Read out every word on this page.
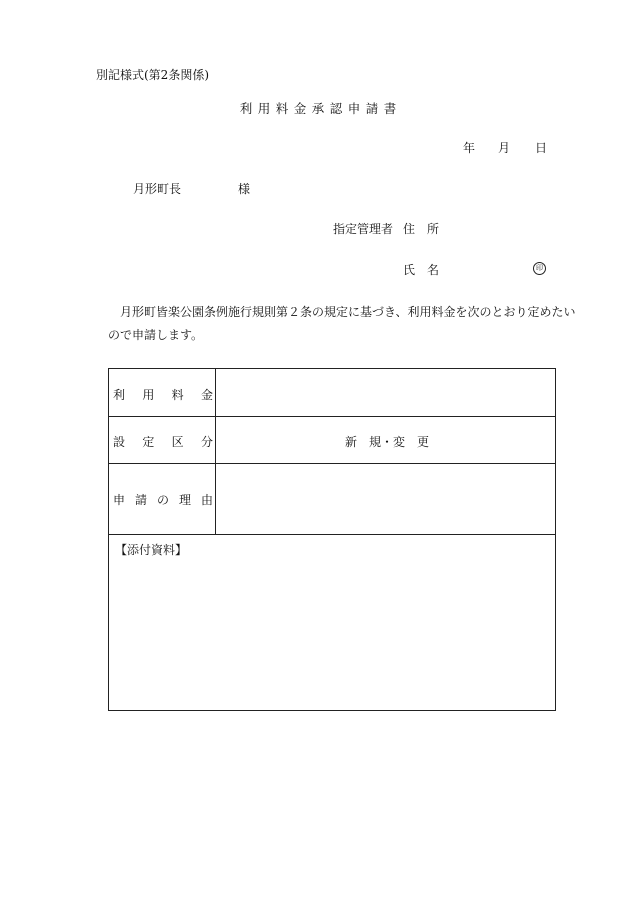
別記様式(第2条関係)
利 用 料 金 承 認 申 請 書
年 月 日
月形町長	様
指定管理者 住　所
氏　名	印
月形町皆楽公園条例施行規則第２条の規定に基づき、利用料金を次のとおり定めたい
ので申請します。
利 用 料 金
設 定 区 分	新　規・変　更
申 請 の 理 由
【添付資料】
